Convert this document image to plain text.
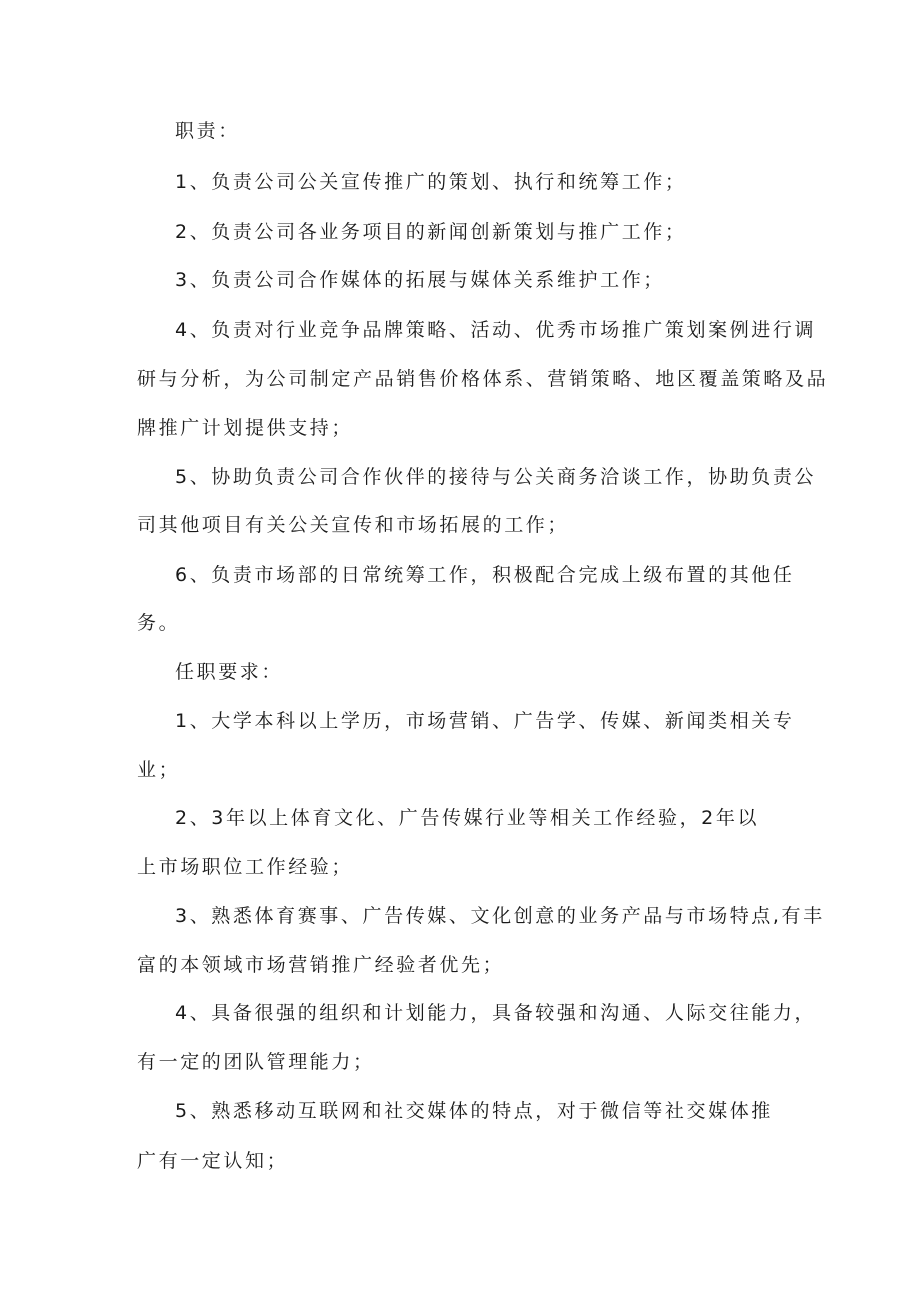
职责：
1、负责公司公关宣传推广的策划、执行和统筹工作；
2、负责公司各业务项目的新闻创新策划与推广工作；
3、负责公司合作媒体的拓展与媒体关系维护工作；
4、负责对行业竞争品牌策略、活动、优秀市场推广策划案例进行调
研与分析，为公司制定产品销售价格体系、营销策略、地区覆盖策略及品
牌推广计划提供支持；
5、协助负责公司合作伙伴的接待与公关商务洽谈工作，协助负责公
司其他项目有关公关宣传和市场拓展的工作；
6、负责市场部的日常统筹工作，积极配合完成上级布置的其他任
务。
任职要求：
1、大学本科以上学历，市场营销、广告学、传媒、新闻类相关专
业；
2、3年以上体育文化、广告传媒行业等相关工作经验，2年以
上市场职位工作经验；
3、熟悉体育赛事、广告传媒、文化创意的业务产品与市场特点,有丰
富的本领域市场营销推广经验者优先；
4、具备很强的组织和计划能力，具备较强和沟通、人际交往能力，
有一定的团队管理能力；
5、熟悉移动互联网和社交媒体的特点，对于微信等社交媒体推
广有一定认知；
